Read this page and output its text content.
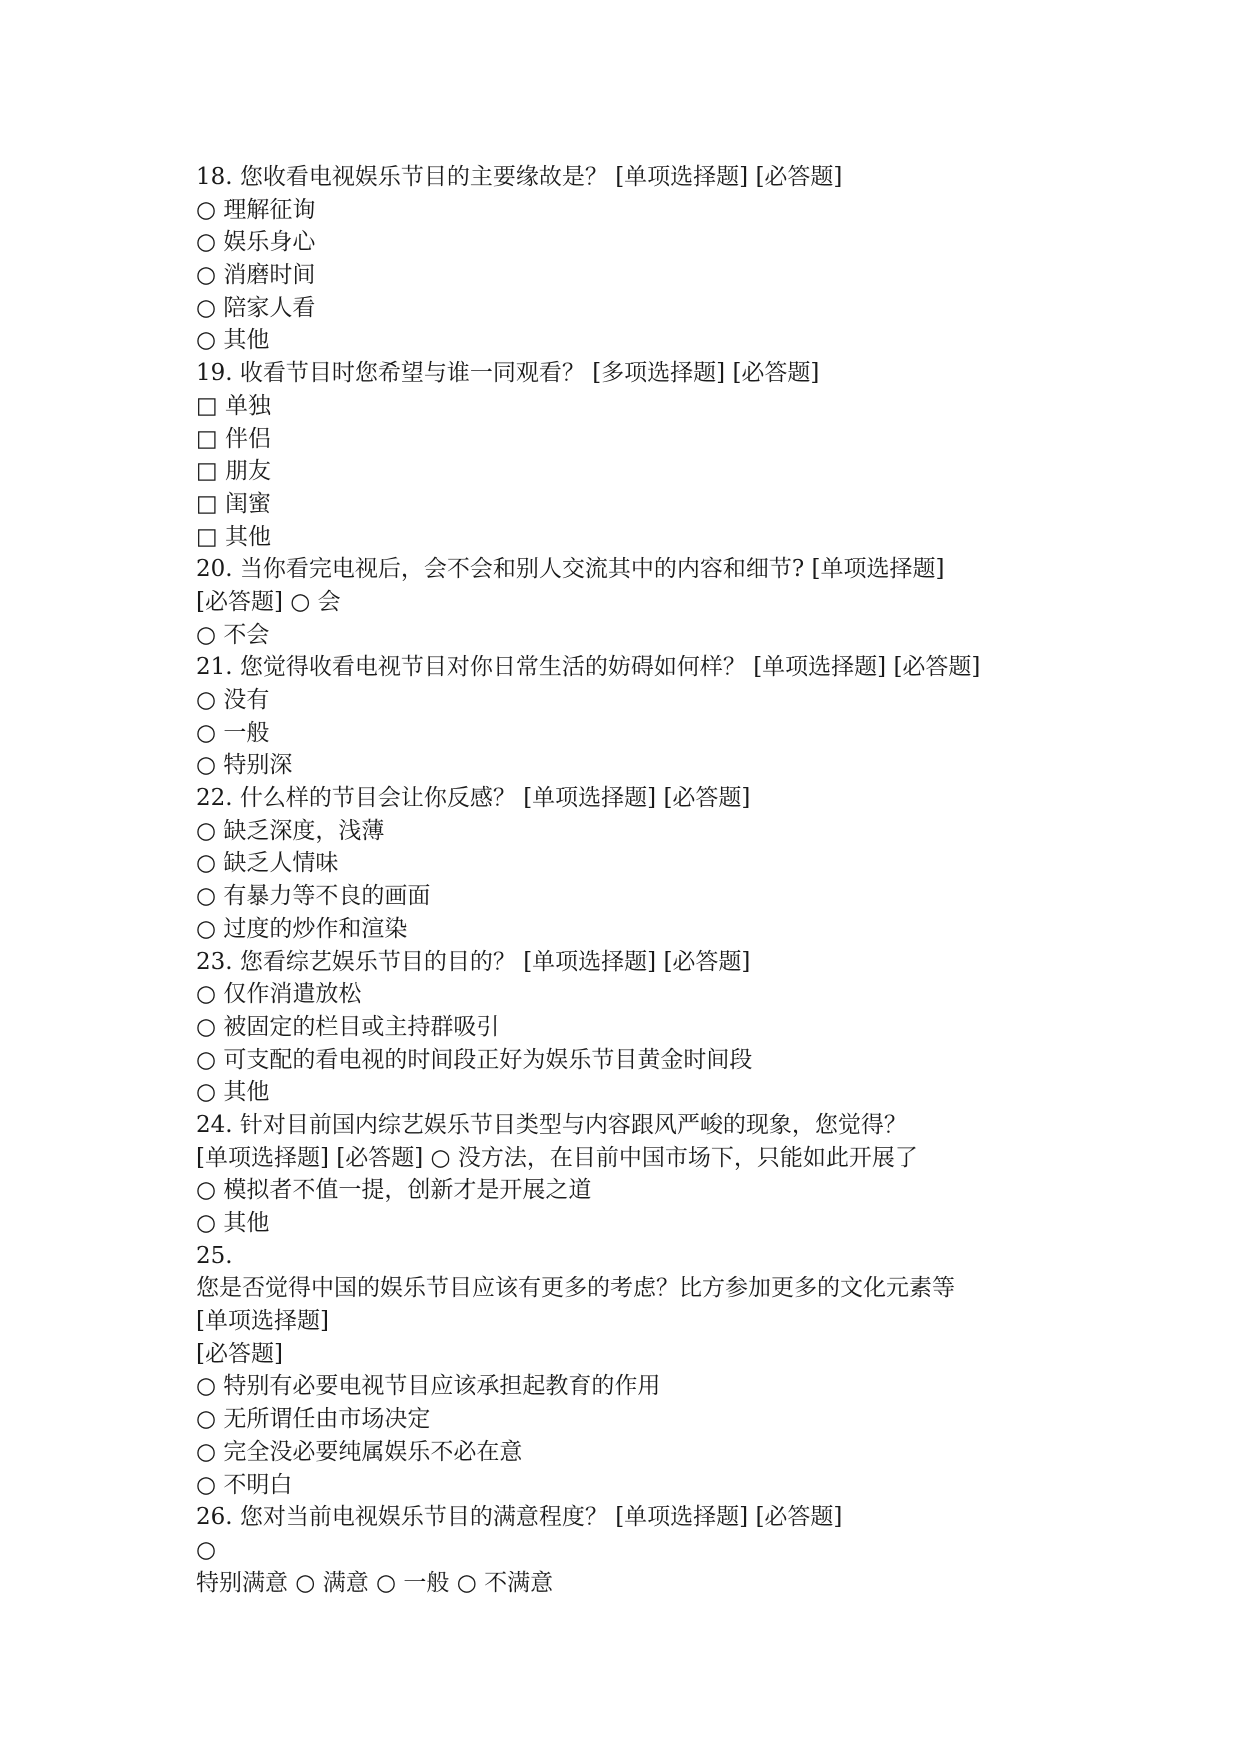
18. 您收看电视娱乐节目的主要缘故是？ [单项选择题] [必答题]
○ 理解征询
○ 娱乐身心
○ 消磨时间
○ 陪家人看
○ 其他
19. 收看节目时您希望与谁一同观看？ [多项选择题] [必答题]
□ 单独
□ 伴侣
□ 朋友
□ 闺蜜
□ 其他
20. 当你看完电视后，会不会和别人交流其中的内容和细节? [单项选择题]
[必答题] ○ 会
○ 不会
21. 您觉得收看电视节目对你日常生活的妨碍如何样？ [单项选择题] [必答题]
○ 没有
○ 一般
○ 特别深
22. 什么样的节目会让你反感？ [单项选择题] [必答题]
○ 缺乏深度，浅薄
○ 缺乏人情味
○ 有暴力等不良的画面
○ 过度的炒作和渲染
23. 您看综艺娱乐节目的目的？ [单项选择题] [必答题]
○ 仅作消遣放松
○ 被固定的栏目或主持群吸引
○ 可支配的看电视的时间段正好为娱乐节目黄金时间段
○ 其他
24. 针对目前国内综艺娱乐节目类型与内容跟风严峻的现象，您觉得？
[单项选择题] [必答题] ○ 没方法，在目前中国市场下，只能如此开展了
○ 模拟者不值一提，创新才是开展之道
○ 其他
25.
您是否觉得中国的娱乐节目应该有更多的考虑？比方参加更多的文化元素等
[单项选择题]
[必答题]
○ 特别有必要电视节目应该承担起教育的作用
○ 无所谓任由市场决定
○ 完全没必要纯属娱乐不必在意
○ 不明白
26. 您对当前电视娱乐节目的满意程度？ [单项选择题] [必答题]
○
特别满意 ○ 满意 ○ 一般 ○ 不满意
